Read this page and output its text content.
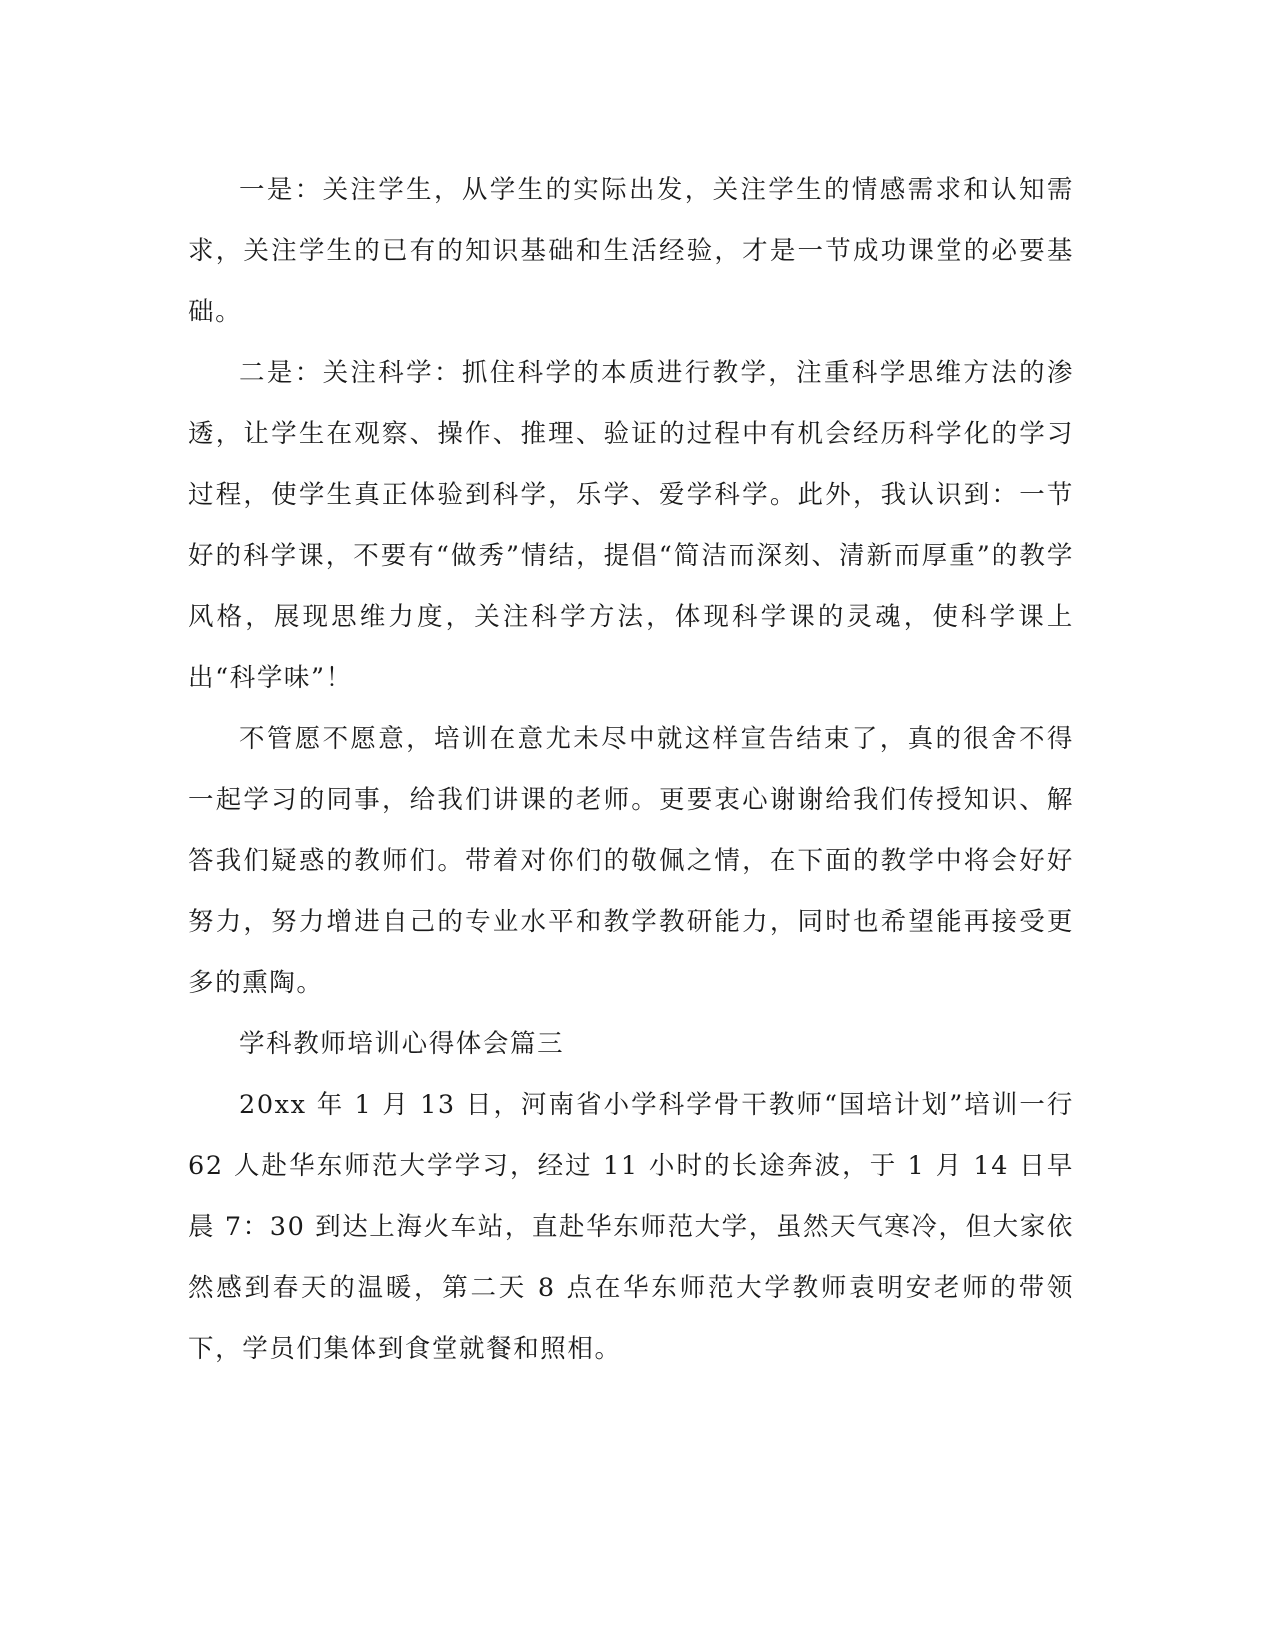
一是：关注学生，从学生的实际出发，关注学生的情感需求和认知需求，关注学生的已有的知识基础和生活经验，才是一节成功课堂的必要基础。

二是：关注科学：抓住科学的本质进行教学，注重科学思维方法的渗透，让学生在观察、操作、推理、验证的过程中有机会经历科学化的学习过程，使学生真正体验到科学，乐学、爱学科学。此外，我认识到：一节好的科学课，不要有“做秀”情结，提倡“简洁而深刻、清新而厚重”的教学风格，展现思维力度，关注科学方法，体现科学课的灵魂，使科学课上出“科学味”！

不管愿不愿意，培训在意尤未尽中就这样宣告结束了，真的很舍不得一起学习的同事，给我们讲课的老师。更要衷心谢谢给我们传授知识、解答我们疑惑的教师们。带着对你们的敬佩之情，在下面的教学中将会好好努力，努力增进自己的专业水平和教学教研能力，同时也希望能再接受更多的熏陶。

学科教师培训心得体会篇三

20xx 年 1 月 13 日，河南省小学科学骨干教师“国培计划”培训一行 62 人赴华东师范大学学习，经过 11 小时的长途奔波，于 1 月 14 日早晨 7：30 到达上海火车站，直赴华东师范大学，虽然天气寒冷，但大家依然感到春天的温暖，第二天 8 点在华东师范大学教师袁明安老师的带领下，学员们集体到食堂就餐和照相。
